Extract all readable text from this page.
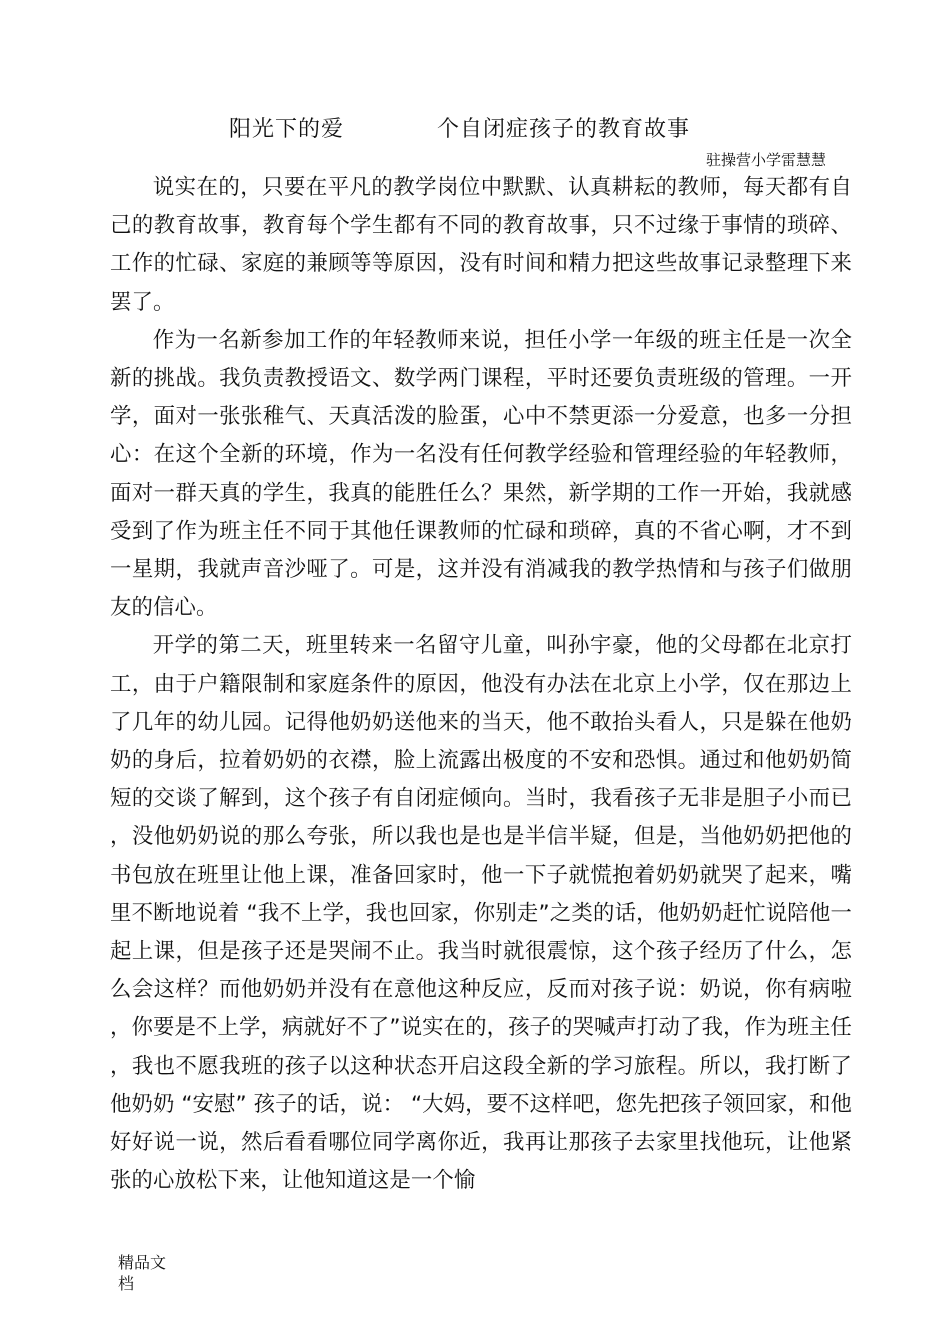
阳光下的爱	个自闭症孩子的教育故事
驻操营小学雷慧慧

说实在的，只要在平凡的教学岗位中默默、认真耕耘的教师，每天都有自己的教育故事，教育每个学生都有不同的教育故事，只不过缘于事情的琐碎、工作的忙碌、家庭的兼顾等等原因，没有时间和精力把这些故事记录整理下来罢了。

作为一名新参加工作的年轻教师来说，担任小学一年级的班主任是一次全新的挑战。我负责教授语文、数学两门课程，平时还要负责班级的管理。一开学，面对一张张稚气、天真活泼的脸蛋，心中不禁更添一分爱意，也多一分担心：在这个全新的环境，作为一名没有任何教学经验和管理经验的年轻教师，面对一群天真的学生，我真的能胜任么？果然，新学期的工作一开始，我就感受到了作为班主任不同于其他任课教师的忙碌和琐碎，真的不省心啊，才不到一星期，我就声音沙哑了。可是，这并没有消减我的教学热情和与孩子们做朋友的信心。

开学的第二天，班里转来一名留守儿童，叫孙宇豪，他的父母都在北京打工，由于户籍限制和家庭条件的原因，他没有办法在北京上小学，仅在那边上了几年的幼儿园。记得他奶奶送他来的当天，他不敢抬头看人，只是躲在他奶奶的身后，拉着奶奶的衣襟，脸上流露出极度的不安和恐惧。通过和他奶奶简短的交谈了解到，这个孩子有自闭症倾向。当时，我看孩子无非是胆子小而已，没他奶奶说的那么夸张，所以我也是也是半信半疑，但是，当他奶奶把他的书包放在班里让他上课，准备回家时，他一下子就慌抱着奶奶就哭了起来，嘴里不断地说着 “我不上学，我也回家，你别走”之类的话，他奶奶赶忙说陪他一起上课，但是孩子还是哭闹不止。我当时就很震惊，这个孩子经历了什么，怎么会这样？而他奶奶并没有在意他这种反应，反而对孩子说：奶说，你有病啦，你要是不上学，病就好不了”说实在的，孩子的哭喊声打动了我，作为班主任，我也不愿我班的孩子以这种状态开启这段全新的学习旅程。所以，我打断了他奶奶 “安慰” 孩子的话，说： “大妈，要不这样吧，您先把孩子领回家，和他好好说一说，然后看看哪位同学离你近，我再让那孩子去家里找他玩，让他紧张的心放松下来，让他知道这是一个愉

精品文档
